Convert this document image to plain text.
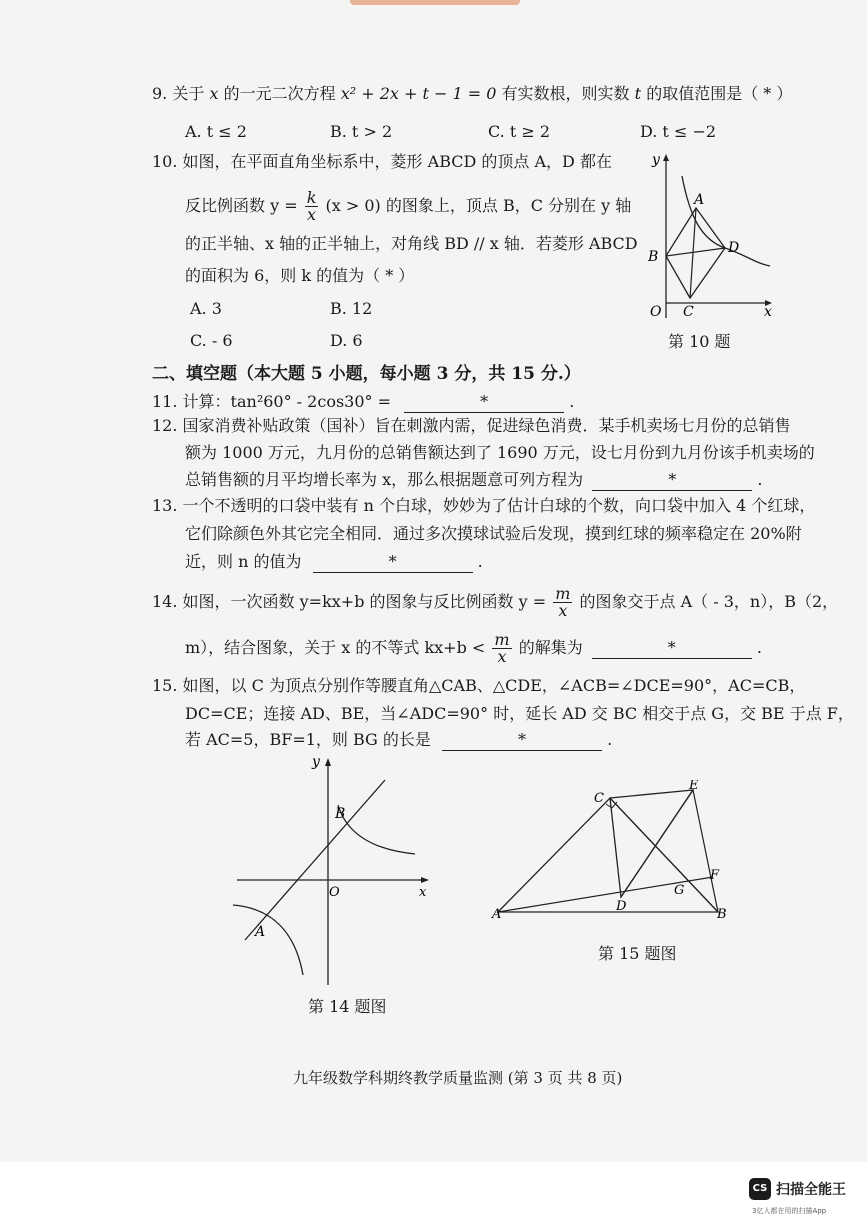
9. 关于 x 的一元二次方程 x² + 2x + t − 1 = 0 有实数根，则实数 t 的取值范围是（ * ）
A. t ≤ 2	B. t > 2	C. t ≥ 2	D. t ≤ −2
10. 如图，在平面直角坐标系中，菱形 ABCD 的顶点 A，D 都在
反比例函数 $y = \frac{k}{x} (x > 0)$ 的图象上，顶点 B，C 分别在 y 轴
的正半轴、x 轴的正半轴上，对角线 BD // x 轴．若菱形 ABCD
的面积为 6，则 k 的值为（ * ）
A. 3	B. 12
C. - 6	D. 6
y
A
B
D
O C	x
第 10 题
二、填空题（本大题 5 小题，每小题 3 分，共 15 分.）
11. 计算：tan²60° - 2cos30° =	*	.
12. 国家消费补贴政策（国补）旨在刺激内需，促进绿色消费．某手机卖场七月份的总销售
额为 1000 万元，九月份的总销售额达到了 1690 万元，设七月份到九月份该手机卖场的
总销售额的月平均增长率为 x，那么根据题意可列方程为	*	.
13. 一个不透明的口袋中装有 n 个白球，妙妙为了估计白球的个数，向口袋中加入 4 个红球，
它们除颜色外其它完全相同．通过多次摸球试验后发现，摸到红球的频率稳定在 20%附
近，则 n 的值为	*	.
14. 如图，一次函数 y=kx+b 的图象与反比例函数 $y = \frac{m}{x}$ 的图象交于点 A（ - 3，n），B（2，
m），结合图象，关于 x 的不等式 $kx+b < \frac{m}{x}$ 的解集为	*	.
15. 如图，以 C 为顶点分别作等腰直角△CAB、△CDE，∠ACB=∠DCE=90°，AC=CB，
DC=CE；连接 AD、BE，当∠ADC=90° 时，延长 AD 交 BC 相交于点 G，交 BE 于点 F，
若 AC=5，BF=1，则 BG 的长是	*	.
y
B
O	x
A
第 14 题图
C
E
F
G
A
D
B
第 15 题图
九年级数学科期终教学质量监测 (第 3 页 共 8 页)
CS 扫描全能王
3亿人都在用的扫描App
